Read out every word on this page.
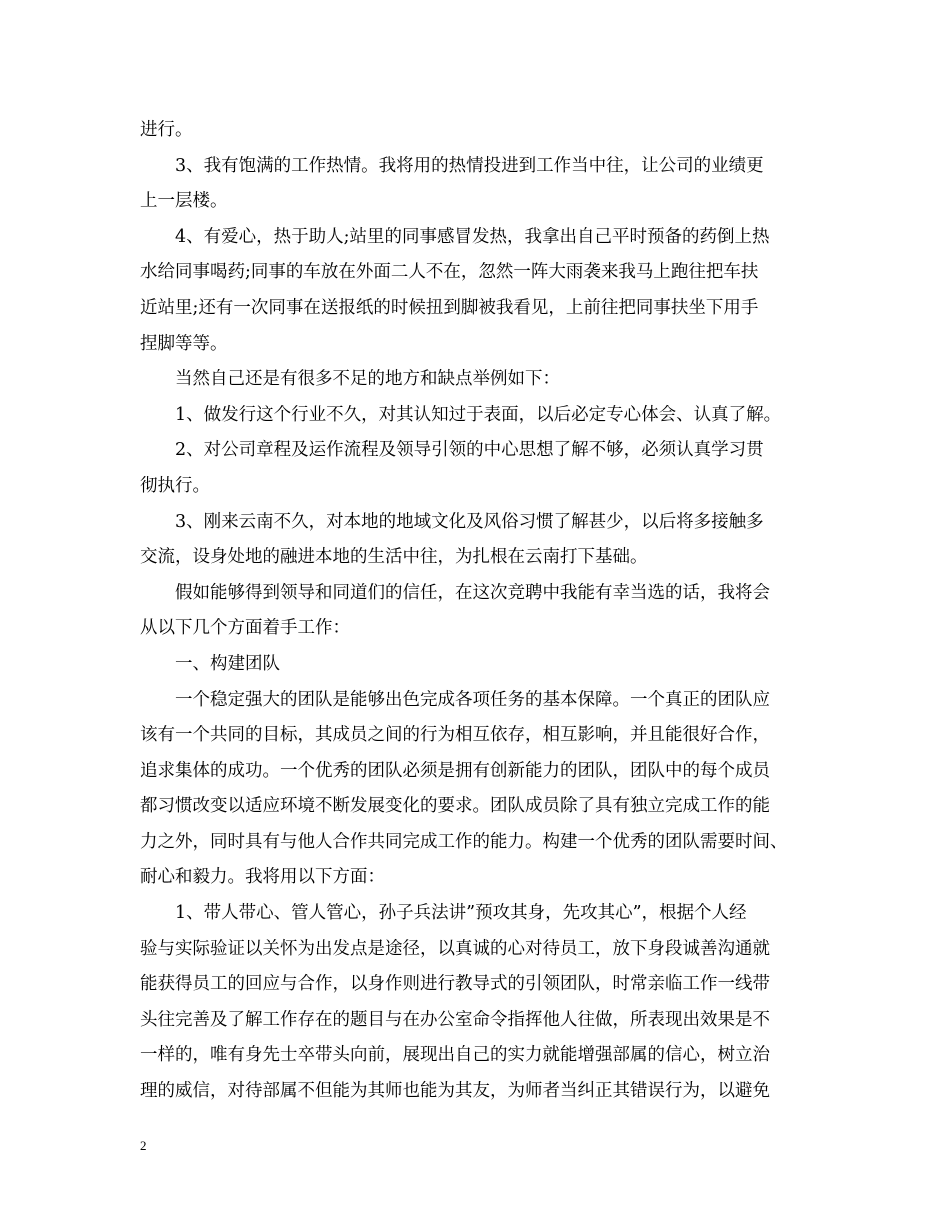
进行。
3、我有饱满的工作热情。我将用的热情投进到工作当中往，让公司的业绩更
上一层楼。
4、有爱心，热于助人;站里的同事感冒发热，我拿出自己平时预备的药倒上热
水给同事喝药;同事的车放在外面二人不在，忽然一阵大雨袭来我马上跑往把车扶
近站里;还有一次同事在送报纸的时候扭到脚被我看见，上前往把同事扶坐下用手
捏脚等等。
当然自己还是有很多不足的地方和缺点举例如下：
1、做发行这个行业不久，对其认知过于表面，以后必定专心体会、认真了解。
2、对公司章程及运作流程及领导引领的中心思想了解不够，必须认真学习贯
彻执行。
3、刚来云南不久，对本地的地域文化及风俗习惯了解甚少，以后将多接触多
交流，设身处地的融进本地的生活中往，为扎根在云南打下基础。
假如能够得到领导和同道们的信任，在这次竞聘中我能有幸当选的话，我将会
从以下几个方面着手工作：
一、构建团队
一个稳定强大的团队是能够出色完成各项任务的基本保障。一个真正的团队应
该有一个共同的目标，其成员之间的行为相互依存，相互影响，并且能很好合作，
追求集体的成功。一个优秀的团队必须是拥有创新能力的团队，团队中的每个成员
都习惯改变以适应环境不断发展变化的要求。团队成员除了具有独立完成工作的能
力之外，同时具有与他人合作共同完成工作的能力。构建一个优秀的团队需要时间、
耐心和毅力。我将用以下方面：
1、带人带心、管人管心，孙子兵法讲”预攻其身，先攻其心”，根据个人经
验与实际验证以关怀为出发点是途径，以真诚的心对待员工，放下身段诚善沟通就
能获得员工的回应与合作，以身作则进行教导式的引领团队，时常亲临工作一线带
头往完善及了解工作存在的题目与在办公室命令指挥他人往做，所表现出效果是不
一样的，唯有身先士卒带头向前，展现出自己的实力就能增强部属的信心，树立治
理的威信，对待部属不但能为其师也能为其友，为师者当纠正其错误行为，以避免
2
